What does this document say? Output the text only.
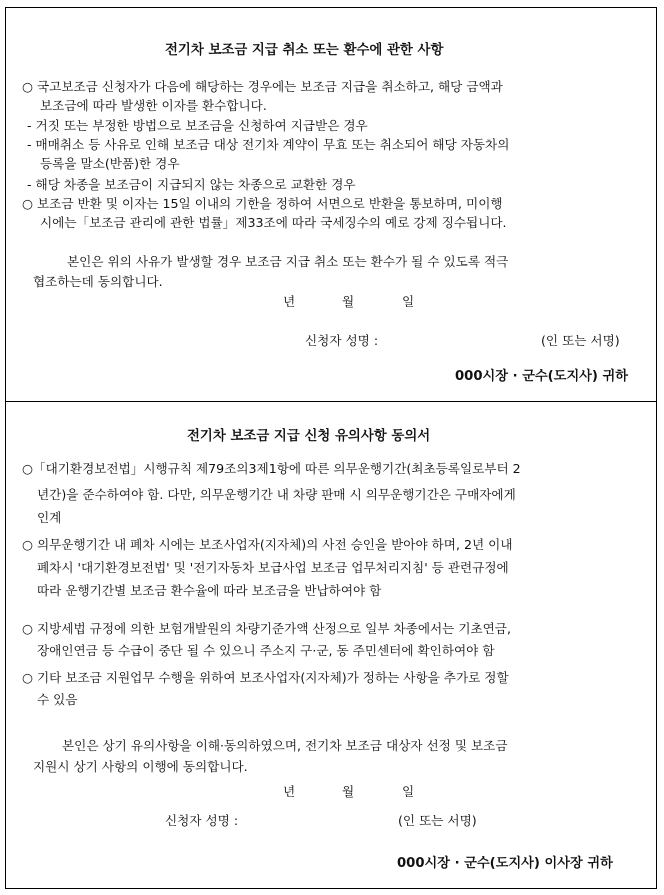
전기차 보조금 지급 취소 또는 환수에 관한 사항
○ 국고보조금 신청자가 다음에 해당하는 경우에는 보조금 지급을 취소하고, 해당 금액과
보조금에 따라 발생한 이자를 환수합니다.
- 거짓 또는 부정한 방법으로 보조금을 신청하여 지급받은 경우
- 매매취소 등 사유로 인해 보조금 대상 전기차 계약이 무효 또는 취소되어 해당 자동차의
등록을 말소(반품)한 경우
- 해당 차종을 보조금이 지급되지 않는 차종으로 교환한 경우
○ 보조금 반환 및 이자는 15일 이내의 기한을 정하여 서면으로 반환을 통보하며, 미이행
시에는「보조금 관리에 관한 법률」제33조에 따라 국세징수의 예로 강제 징수됩니다.
본인은 위의 사유가 발생할 경우 보조금 지급 취소 또는 환수가 될 수 있도록 적극
협조하는데 동의합니다.
년	월	일
신청자 성명 :	(인 또는 서명)
000시장 · 군수(도지사) 귀하
전기차 보조금 지급 신청 유의사항 동의서
○「대기환경보전법」시행규칙 제79조의3제1항에 따른 의무운행기간(최초등록일로부터 2
년간)을 준수하여야 함. 다만, 의무운행기간 내 차량 판매 시 의무운행기간은 구매자에게
인계
○ 의무운행기간 내 폐차 시에는 보조사업자(지자체)의 사전 승인을 받아야 하며, 2년 이내
폐차시 '대기환경보전법' 및 '전기자동차 보급사업 보조금 업무처리지침' 등 관련규정에
따라 운행기간별 보조금 환수율에 따라 보조금을 반납하여야 함
○ 지방세법 규정에 의한 보험개발원의 차량기준가액 산정으로 일부 차종에서는 기초연금,
장애인연금 등 수급이 중단 될 수 있으니 주소지 구·군, 동 주민센터에 확인하여야 함
○ 기타 보조금 지원업무 수행을 위하여 보조사업자(지자체)가 정하는 사항을 추가로 정할
수 있음
본인은 상기 유의사항을 이해·동의하였으며, 전기차 보조금 대상자 선정 및 보조금
지원시 상기 사항의 이행에 동의합니다.
년	월	일
신청자 성명 :	(인 또는 서명)
000시장 · 군수(도지사) 이사장 귀하
